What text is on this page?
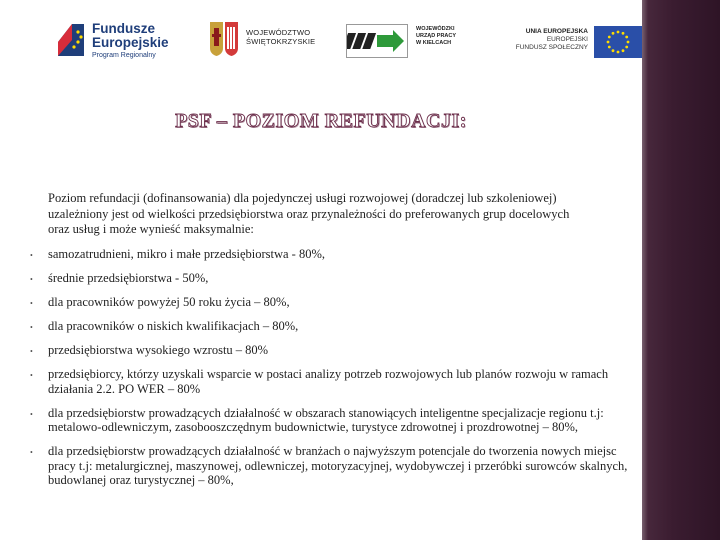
Fundusze
Europejskie
Program Regionalny
WOJEWÓDZTWO
ŚWIĘTOKRZYSKIE
WOJEWÓDZKI
URZĄD PRACY
W KIELCACH
UNIA EUROPEJSKA
EUROPEJSKI
FUNDUSZ SPOŁECZNY
PSF – POZIOM REFUNDACJI:
Poziom refundacji (dofinansowania) dla pojedynczej usługi rozwojowej (doradczej lub szkoleniowej) uzależniony jest od wielkości przedsiębiorstwa oraz przynależności do preferowanych grup docelowych oraz usług i może wynieść maksymalnie:
• samozatrudnieni, mikro i małe przedsiębiorstwa - 80%,
• średnie przedsiębiorstwa - 50%,
• dla pracowników powyżej 50 roku życia – 80%,
• dla pracowników o niskich kwalifikacjach – 80%,
• przedsiębiorstwa wysokiego wzrostu – 80%
• przedsiębiorcy, którzy uzyskali wsparcie w postaci analizy potrzeb rozwojowych lub planów rozwoju w ramach działania 2.2. PO WER – 80%
• dla przedsiębiorstw prowadzących działalność w obszarach stanowiących inteligentne specjalizacje regionu t.j: metalowo-odlewniczym, zasobooszczędnym budownictwie, turystyce zdrowotnej i prozdrowotnej – 80%,
• dla przedsiębiorstw prowadzących działalność w branżach o najwyższym potencjale do tworzenia nowych miejsc pracy t.j: metalurgicznej, maszynowej, odlewniczej, motoryzacyjnej, wydobywczej i przeróbki surowców skalnych, budowlanej oraz turystycznej – 80%,
